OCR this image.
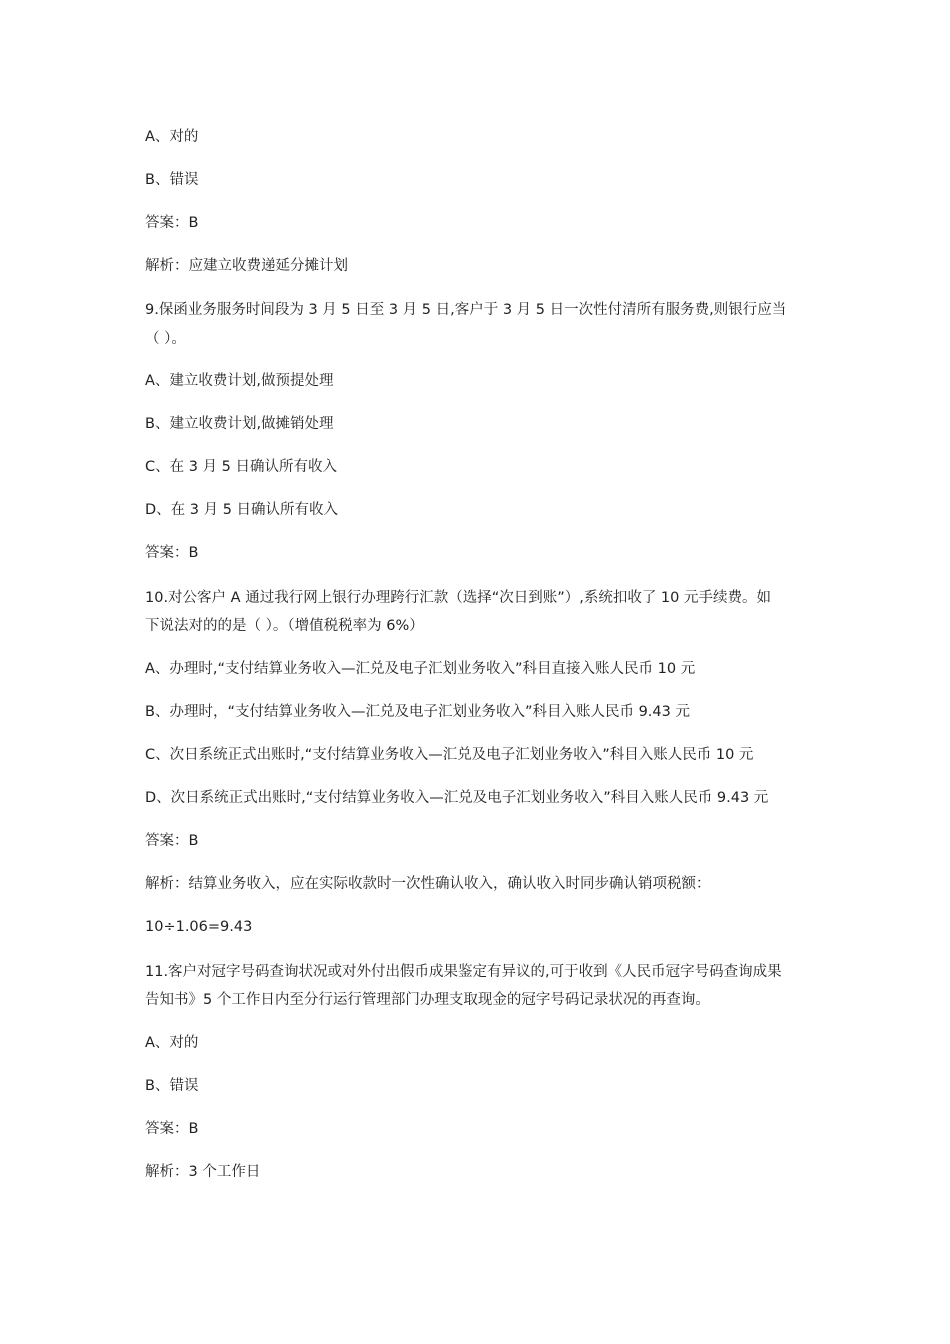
A、对的
B、错误
答案：B
解析：应建立收费递延分摊计划
9.保函业务服务时间段为 3 月 5 日至 3 月 5 日,客户于 3 月 5 日一次性付清所有服务费,则银行应当
（ ）。
A、建立收费计划,做预提处理
B、建立收费计划,做摊销处理
C、在 3 月 5 日确认所有收入
D、在 3 月 5 日确认所有收入
答案：B
10.对公客户 A 通过我行网上银行办理跨行汇款（选择“次日到账”）,系统扣收了 10 元手续费。如
下说法对的的是（ ）。（增值税税率为 6%）
A、办理时,“支付结算业务收入—汇兑及电子汇划业务收入”科目直接入账人民币 10 元
B、办理时，“支付结算业务收入—汇兑及电子汇划业务收入”科目入账人民币 9.43 元
C、次日系统正式出账时,“支付结算业务收入—汇兑及电子汇划业务收入”科目入账人民币 10 元
D、次日系统正式出账时,“支付结算业务收入—汇兑及电子汇划业务收入”科目入账人民币 9.43 元
答案：B
解析：结算业务收入，应在实际收款时一次性确认收入，确认收入时同步确认销项税额：
10÷1.06=9.43
11.客户对冠字号码查询状况或对外付出假币成果鉴定有异议的,可于收到《人民币冠字号码查询成果
告知书》5 个工作日内至分行运行管理部门办理支取现金的冠字号码记录状况的再查询。
A、对的
B、错误
答案：B
解析：3 个工作日
